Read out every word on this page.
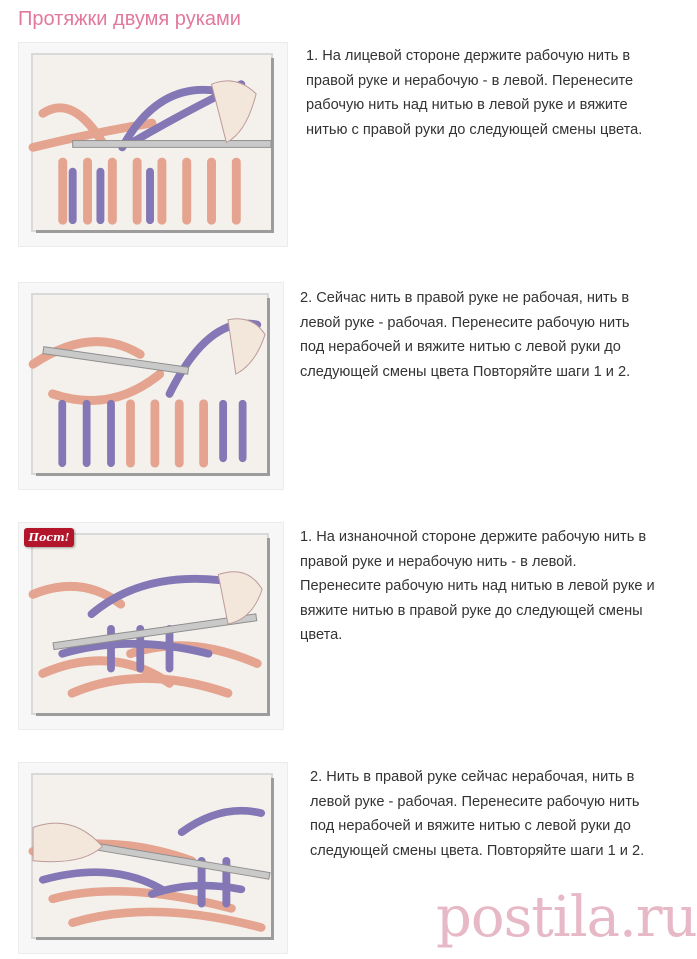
Протяжки двумя руками
1. На лицевой стороне держите рабочую нить в правой руке и нерабочую - в левой. Перенесите рабочую нить над нитью в левой руке и вяжите нитью с правой руки до следующей смены цвета.
2. Сейчас нить в правой руке не рабочая, нить в левой руке - рабочая. Перенесите рабочую нить под нерабочей и вяжите нитью с левой руки до следующей смены цвета Повторяйте шаги 1 и 2.
Пост!	1. На изнаночной стороне держите рабочую нить в правой руке и нерабочую нить - в левой. Перенесите рабочую нить над нитью в левой руке и вяжите нитью в правой руке до следующей смены цвета.
2. Нить в правой руке сейчас нерабочая, нить в левой руке - рабочая. Перенесите рабочую нить под нерабочей и вяжите нитью с левой руки до следующей смены цвета. Повторяйте шаги 1 и 2.
postila.ru
